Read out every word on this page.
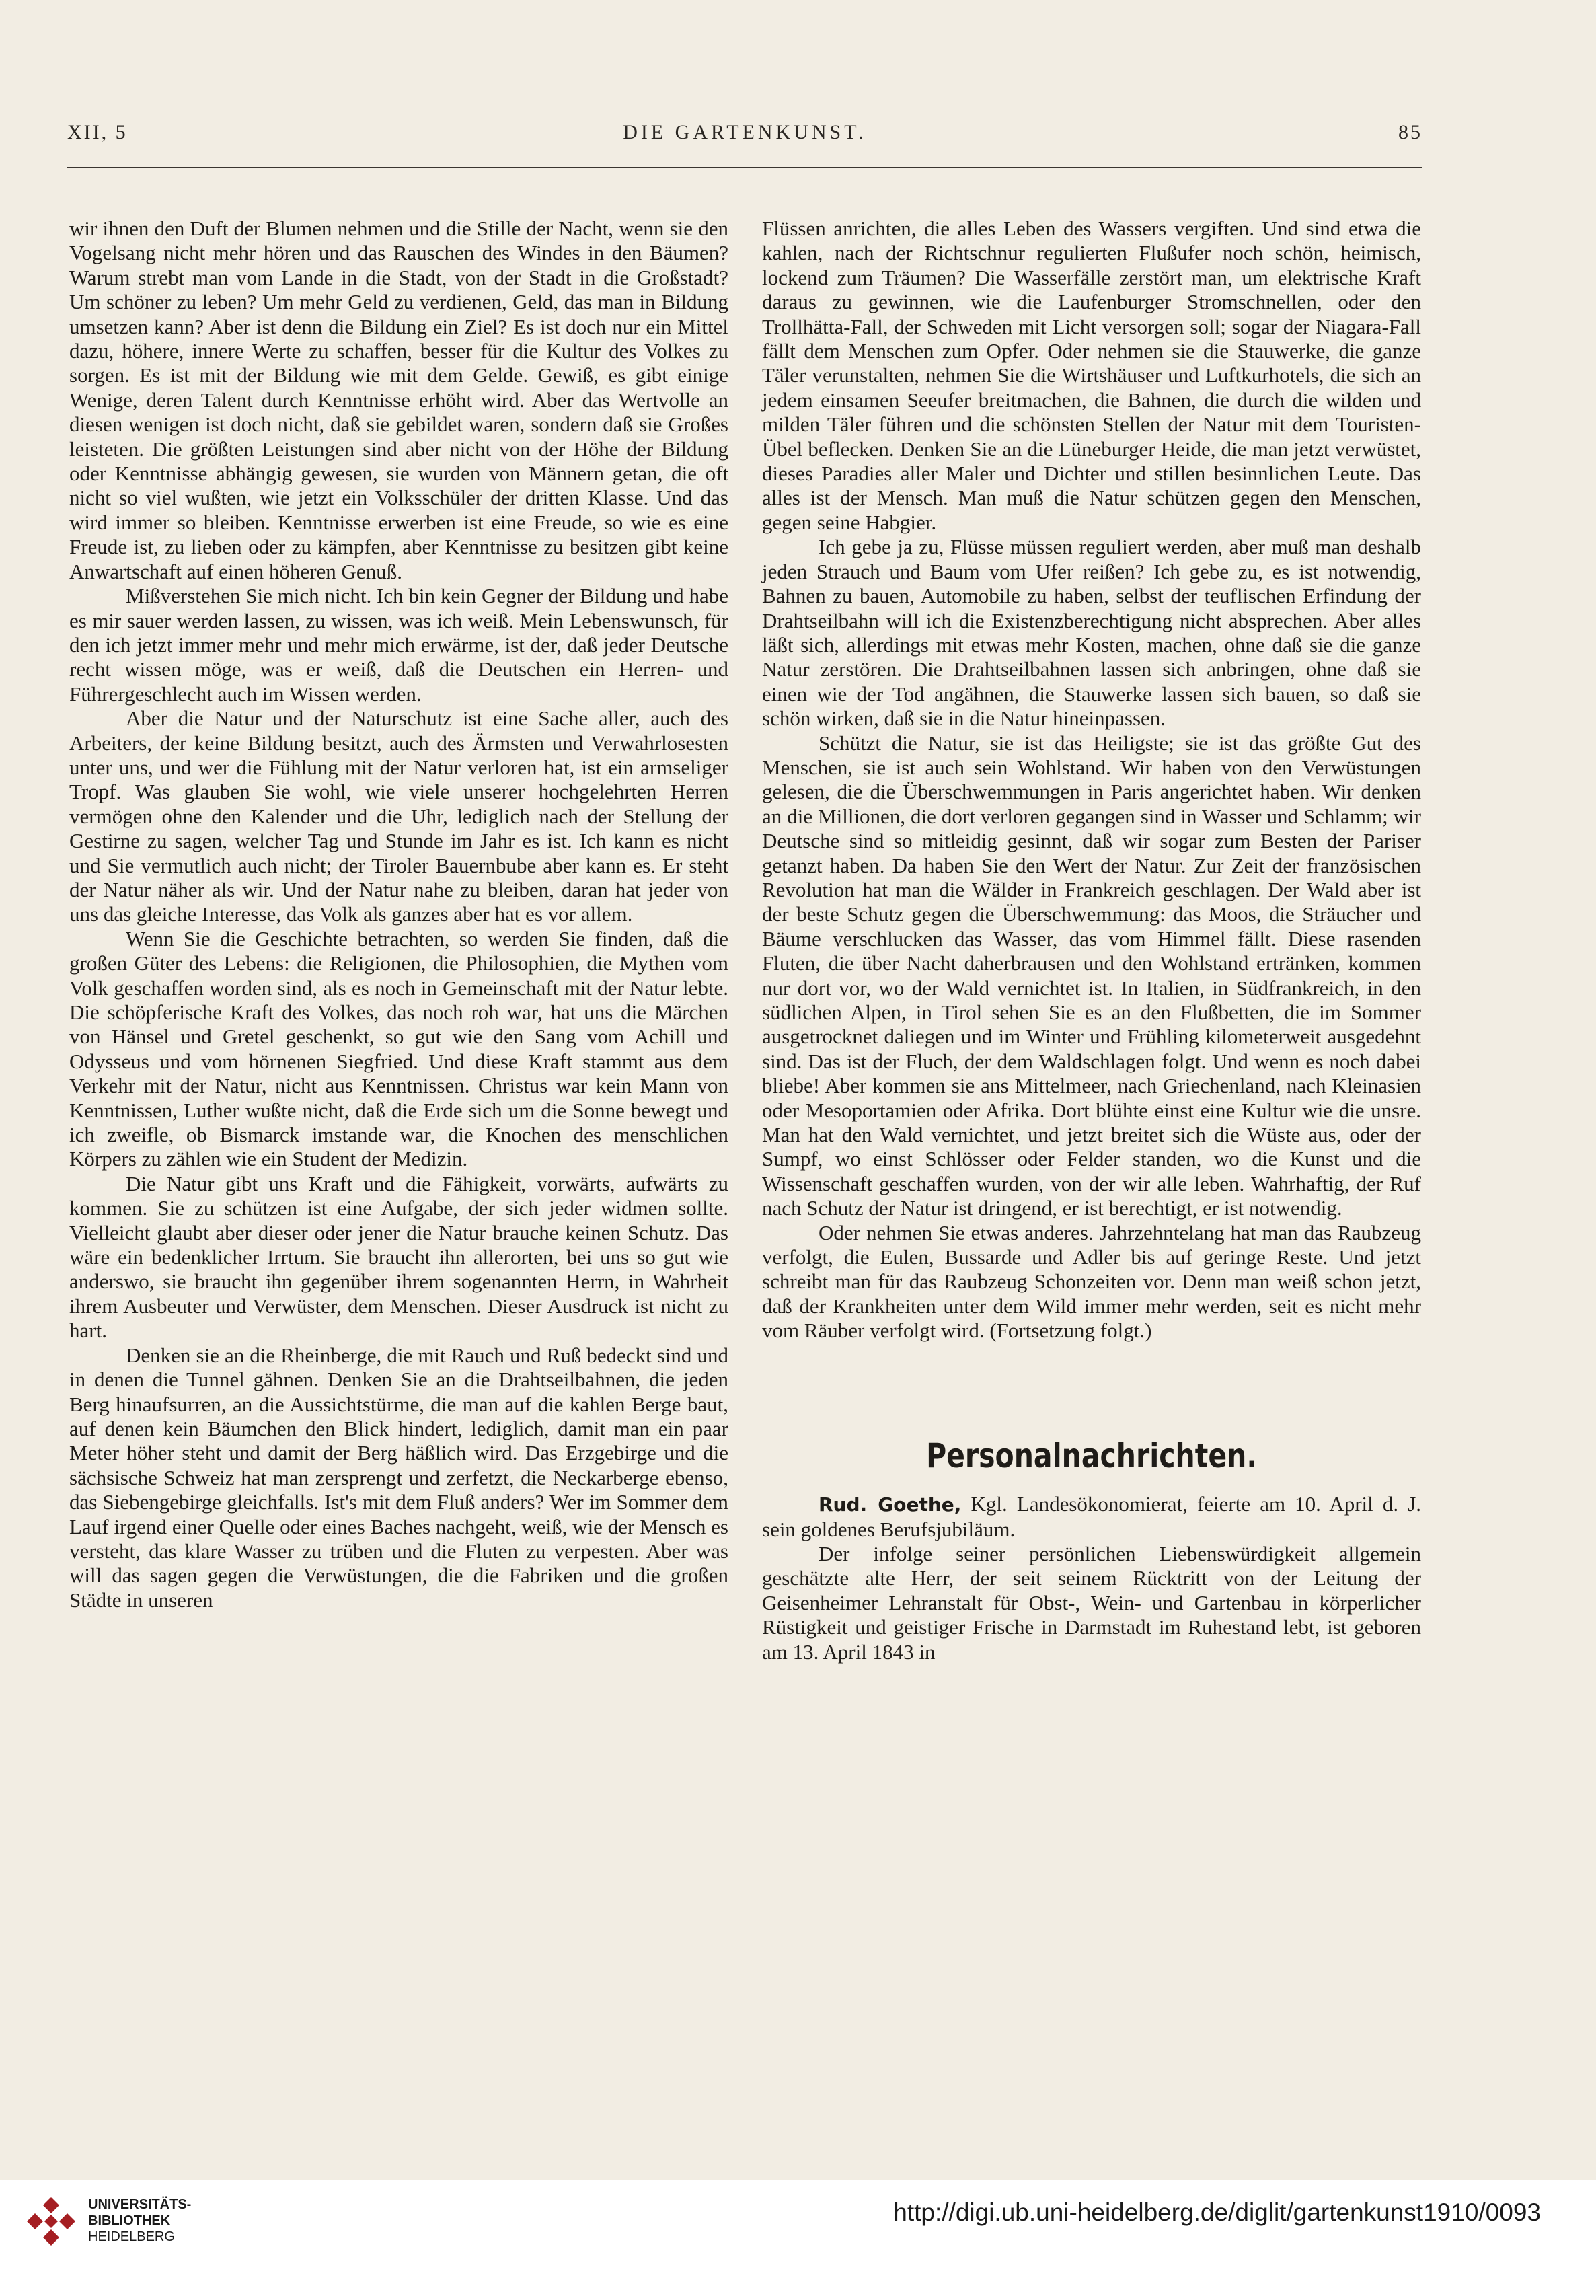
XII, 5	DIE GARTENKUNST.	85

wir ihnen den Duft der Blumen nehmen und die Stille der Nacht, wenn sie den Vogelsang nicht mehr hören und das Rauschen des Windes in den Bäumen? Warum strebt man vom Lande in die Stadt, von der Stadt in die Großstadt? Um schöner zu leben? Um mehr Geld zu verdienen, Geld, das man in Bildung umsetzen kann? Aber ist denn die Bildung ein Ziel? Es ist doch nur ein Mittel dazu, höhere, innere Werte zu schaffen, besser für die Kultur des Volkes zu sorgen. Es ist mit der Bildung wie mit dem Gelde. Gewiß, es gibt einige Wenige, deren Talent durch Kenntnisse erhöht wird. Aber das Wertvolle an diesen wenigen ist doch nicht, daß sie gebildet waren, sondern daß sie Großes leisteten. Die größten Leistungen sind aber nicht von der Höhe der Bildung oder Kenntnisse abhängig gewesen, sie wurden von Männern getan, die oft nicht so viel wußten, wie jetzt ein Volksschüler der dritten Klasse. Und das wird immer so bleiben. Kenntnisse erwerben ist eine Freude, so wie es eine Freude ist, zu lieben oder zu kämpfen, aber Kenntnisse zu besitzen gibt keine Anwartschaft auf einen höheren Genuß.

Mißverstehen Sie mich nicht. Ich bin kein Gegner der Bildung und habe es mir sauer werden lassen, zu wissen, was ich weiß. Mein Lebenswunsch, für den ich jetzt immer mehr und mehr mich erwärme, ist der, daß jeder Deutsche recht wissen möge, was er weiß, daß die Deutschen ein Herren- und Führergeschlecht auch im Wissen werden.

Aber die Natur und der Naturschutz ist eine Sache aller, auch des Arbeiters, der keine Bildung besitzt, auch des Ärmsten und Verwahrlosesten unter uns, und wer die Fühlung mit der Natur verloren hat, ist ein armseliger Tropf. Was glauben Sie wohl, wie viele unserer hochgelehrten Herren vermögen ohne den Kalender und die Uhr, lediglich nach der Stellung der Gestirne zu sagen, welcher Tag und Stunde im Jahr es ist. Ich kann es nicht und Sie vermutlich auch nicht; der Tiroler Bauernbube aber kann es. Er steht der Natur näher als wir. Und der Natur nahe zu bleiben, daran hat jeder von uns das gleiche Interesse, das Volk als ganzes aber hat es vor allem.

Wenn Sie die Geschichte betrachten, so werden Sie finden, daß die großen Güter des Lebens: die Religionen, die Philosophien, die Mythen vom Volk geschaffen worden sind, als es noch in Gemeinschaft mit der Natur lebte. Die schöpferische Kraft des Volkes, das noch roh war, hat uns die Märchen von Hänsel und Gretel geschenkt, so gut wie den Sang vom Achill und Odysseus und vom hörnenen Siegfried. Und diese Kraft stammt aus dem Verkehr mit der Natur, nicht aus Kenntnissen. Christus war kein Mann von Kenntnissen, Luther wußte nicht, daß die Erde sich um die Sonne bewegt und ich zweifle, ob Bismarck imstande war, die Knochen des menschlichen Körpers zu zählen wie ein Student der Medizin.

Die Natur gibt uns Kraft und die Fähigkeit, vorwärts, aufwärts zu kommen. Sie zu schützen ist eine Aufgabe, der sich jeder widmen sollte. Vielleicht glaubt aber dieser oder jener die Natur brauche keinen Schutz. Das wäre ein bedenklicher Irrtum. Sie braucht ihn allerorten, bei uns so gut wie anderswo, sie braucht ihn gegenüber ihrem sogenannten Herrn, in Wahrheit ihrem Ausbeuter und Verwüster, dem Menschen. Dieser Ausdruck ist nicht zu hart.

Denken sie an die Rheinberge, die mit Rauch und Ruß bedeckt sind und in denen die Tunnel gähnen. Denken Sie an die Drahtseilbahnen, die jeden Berg hinaufsurren, an die Aussichtstürme, die man auf die kahlen Berge baut, auf denen kein Bäumchen den Blick hindert, lediglich, damit man ein paar Meter höher steht und damit der Berg häßlich wird. Das Erzgebirge und die sächsische Schweiz hat man zersprengt und zerfetzt, die Neckarberge ebenso, das Siebengebirge gleichfalls. Ist's mit dem Fluß anders? Wer im Sommer dem Lauf irgend einer Quelle oder eines Baches nachgeht, weiß, wie der Mensch es versteht, das klare Wasser zu trüben und die Fluten zu verpesten. Aber was will das sagen gegen die Verwüstungen, die die Fabriken und die großen Städte in unseren

Flüssen anrichten, die alles Leben des Wassers vergiften. Und sind etwa die kahlen, nach der Richtschnur regulierten Flußufer noch schön, heimisch, lockend zum Träumen? Die Wasserfälle zerstört man, um elektrische Kraft daraus zu gewinnen, wie die Laufenburger Stromschnellen, oder den Trollhätta-Fall, der Schweden mit Licht versorgen soll; sogar der Niagara-Fall fällt dem Menschen zum Opfer. Oder nehmen sie die Stauwerke, die ganze Täler verunstalten, nehmen Sie die Wirtshäuser und Luftkurhotels, die sich an jedem einsamen Seeufer breitmachen, die Bahnen, die durch die wilden und milden Täler führen und die schönsten Stellen der Natur mit dem Touristen-Übel beflecken. Denken Sie an die Lüneburger Heide, die man jetzt verwüstet, dieses Paradies aller Maler und Dichter und stillen besinnlichen Leute. Das alles ist der Mensch. Man muß die Natur schützen gegen den Menschen, gegen seine Habgier.

Ich gebe ja zu, Flüsse müssen reguliert werden, aber muß man deshalb jeden Strauch und Baum vom Ufer reißen? Ich gebe zu, es ist notwendig, Bahnen zu bauen, Automobile zu haben, selbst der teuflischen Erfindung der Drahtseilbahn will ich die Existenzberechtigung nicht absprechen. Aber alles läßt sich, allerdings mit etwas mehr Kosten, machen, ohne daß sie die ganze Natur zerstören. Die Drahtseilbahnen lassen sich anbringen, ohne daß sie einen wie der Tod angähnen, die Stauwerke lassen sich bauen, so daß sie schön wirken, daß sie in die Natur hineinpassen.

Schützt die Natur, sie ist das Heiligste; sie ist das größte Gut des Menschen, sie ist auch sein Wohlstand. Wir haben von den Verwüstungen gelesen, die die Überschwemmungen in Paris angerichtet haben. Wir denken an die Millionen, die dort verloren gegangen sind in Wasser und Schlamm; wir Deutsche sind so mitleidig gesinnt, daß wir sogar zum Besten der Pariser getanzt haben. Da haben Sie den Wert der Natur. Zur Zeit der französischen Revolution hat man die Wälder in Frankreich geschlagen. Der Wald aber ist der beste Schutz gegen die Überschwemmung: das Moos, die Sträucher und Bäume verschlucken das Wasser, das vom Himmel fällt. Diese rasenden Fluten, die über Nacht daherbrausen und den Wohlstand ertränken, kommen nur dort vor, wo der Wald vernichtet ist. In Italien, in Südfrankreich, in den südlichen Alpen, in Tirol sehen Sie es an den Flußbetten, die im Sommer ausgetrocknet daliegen und im Winter und Frühling kilometerweit ausgedehnt sind. Das ist der Fluch, der dem Waldschlagen folgt. Und wenn es noch dabei bliebe! Aber kommen sie ans Mittelmeer, nach Griechenland, nach Kleinasien oder Mesoportamien oder Afrika. Dort blühte einst eine Kultur wie die unsre. Man hat den Wald vernichtet, und jetzt breitet sich die Wüste aus, oder der Sumpf, wo einst Schlösser oder Felder standen, wo die Kunst und die Wissenschaft geschaffen wurden, von der wir alle leben. Wahrhaftig, der Ruf nach Schutz der Natur ist dringend, er ist berechtigt, er ist notwendig.

Oder nehmen Sie etwas anderes. Jahrzehntelang hat man das Raubzeug verfolgt, die Eulen, Bussarde und Adler bis auf geringe Reste. Und jetzt schreibt man für das Raubzeug Schonzeiten vor. Denn man weiß schon jetzt, daß der Krankheiten unter dem Wild immer mehr werden, seit es nicht mehr vom Räuber verfolgt wird. (Fortsetzung folgt.)

Personalnachrichten.

Rud. Goethe, Kgl. Landesökonomierat, feierte am 10. April d. J. sein goldenes Berufsjubiläum.

Der infolge seiner persönlichen Liebenswürdigkeit allgemein geschätzte alte Herr, der seit seinem Rücktritt von der Leitung der Geisenheimer Lehranstalt für Obst-, Wein- und Gartenbau in körperlicher Rüstigkeit und geistiger Frische in Darmstadt im Ruhestand lebt, ist geboren am 13. April 1843 in

UNIVERSITÄTS-
BIBLIOTHEK
HEIDELBERG
http://digi.ub.uni-heidelberg.de/diglit/gartenkunst1910/0093
